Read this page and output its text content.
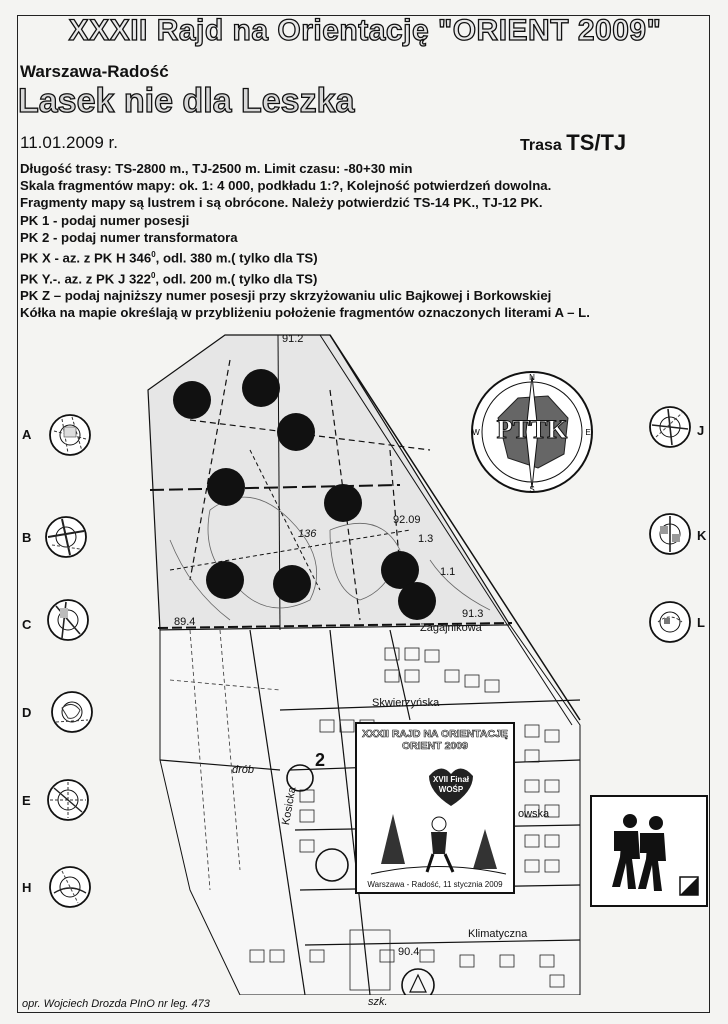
XXXII Rajd na Orientację "ORIENT 2009"
Warszawa-Radość
Lasek nie dla Leszka
11.01.2009 r.	Trasa TS/TJ
Długość trasy: TS-2800 m., TJ-2500 m. Limit czasu: -80+30 min
Skala fragmentów mapy: ok. 1: 4 000, podkładu 1:?, Kolejność potwierdzeń dowolna.
Fragmenty mapy są lustrem i są obrócone. Należy potwierdzić TS-14 PK., TJ-12 PK.
PK 1 - podaj numer posesji
PK 2 - podaj numer transformatora
PK X - az. z PK H $346^0$, odl. 380 m.( tylko dla TS)
PK Y.-. az. z PK J $322^0$, odl. 200 m.( tylko dla TS)
PK Z – podaj najniższy numer posesji przy skrzyżowaniu ulic Bajkowej i Borkowskiej
Kółka na mapie określają w przybliżeniu położenie fragmentów oznaczonych literami A – L.
A
B
C
D
E
H
J
K
L
91.2
92.09
1.3
1.1
91.3
89.4
136
90.4
2
Zagajnikowa
Skwierzyńska
Kosicka	owska
Klimatyczna
drób
szk.
PTTK
N
E
S
W
XXXII RAJD NA ORIENTACJĘ
ORIENT 2009
XVII Finał
WOŚP
Warszawa - Radość, 11 stycznia 2009
opr. Wojciech Drozda PInO nr leg. 473
